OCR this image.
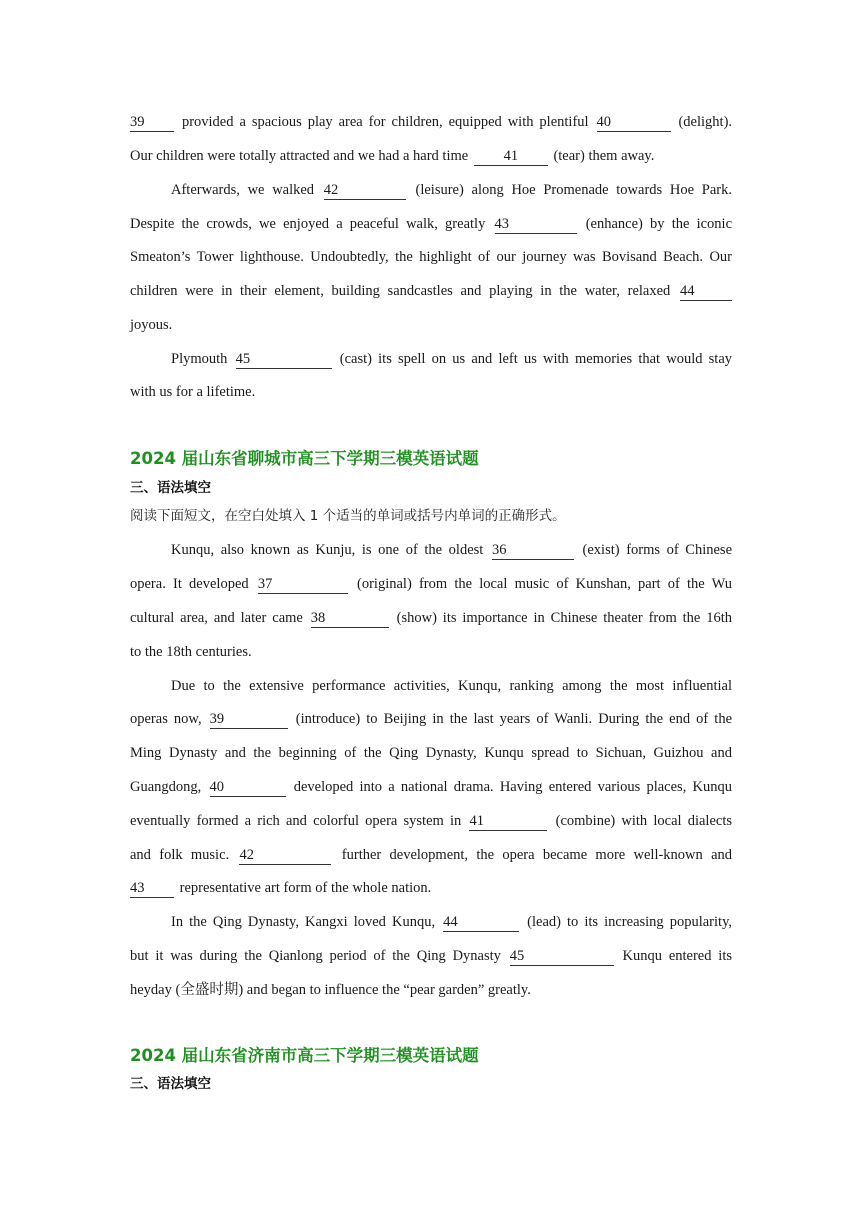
39	provided a spacious play area for children, equipped with plentiful 40	(delight).

Our children were totally attracted and we had a hard time 41 (tear) them away.

Afterwards, we walked 42	(leisure) along Hoe Promenade towards Hoe Park.

Despite the crowds, we enjoyed a peaceful walk, greatly 43	(enhance) by the iconic

Smeaton’s Tower lighthouse. Undoubtedly, the highlight of our journey was Bovisand Beach. Our

children were in their element, building sandcastles and playing in the water, relaxed 44

joyous.

Plymouth 45	(cast) its spell on us and left us with memories that would stay

with us for a lifetime.

2024 届山东省聊城市高三下学期三模英语试题
三、语法填空

阅读下面短文，在空白处填入 1 个适当的单词或括号内单词的正确形式。

Kunqu, also known as Kunju, is one of the oldest 36	(exist) forms of Chinese

opera. It developed 37	(original) from the local music of Kunshan, part of the Wu

cultural area, and later came 38	(show) its importance in Chinese theater from the 16th

to the 18th centuries.

Due to the extensive performance activities, Kunqu, ranking among the most influential

operas now, 39	(introduce) to Beijing in the last years of Wanli. During the end of the

Ming Dynasty and the beginning of the Qing Dynasty, Kunqu spread to Sichuan, Guizhou and

Guangdong, 40	developed into a national drama. Having entered various places, Kunqu

eventually formed a rich and colorful opera system in 41	(combine) with local dialects

and folk music. 42	further development, the opera became more well-known and

43 representative art form of the whole nation.

In the Qing Dynasty, Kangxi loved Kunqu, 44	(lead) to its increasing popularity,

but it was during the Qianlong period of the Qing Dynasty 45	Kunqu entered its

heyday (全盛时期) and began to influence the “pear garden” greatly.

2024 届山东省济南市高三下学期三模英语试题
三、语法填空
